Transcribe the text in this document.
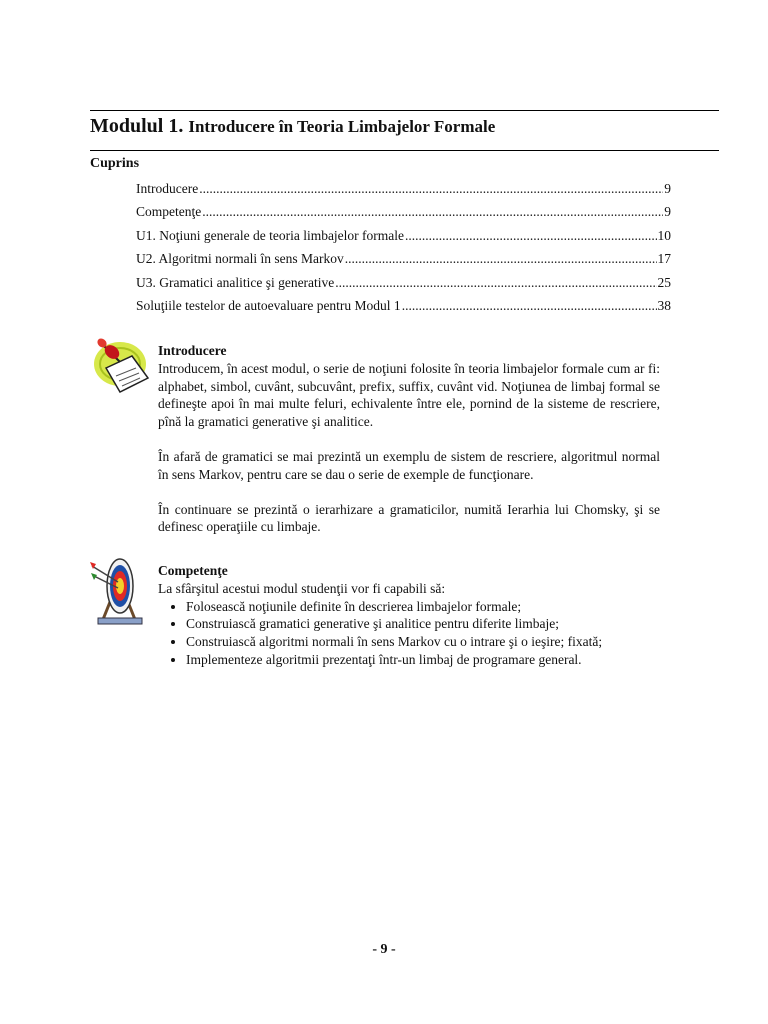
Modulul 1. Introducere în Teoria Limbajelor Formale
Cuprins
Introducere .....	9
Competenţe .....	9
U1. Noţiuni generale de teoria limbajelor formale .....	10
U2. Algoritmi normali în sens Markov .....	17
U3. Gramatici analitice şi generative .....	25
Soluţiile testelor de autoevaluare pentru Modul 1 .....	38
Introducere

Introducem, în acest modul, o serie de noţiuni folosite în teoria limbajelor formale cum ar fi: alphabet, simbol, cuvânt, subcuvânt, prefix, suffix, cuvânt vid. Noţiunea de limbaj formal se defineşte apoi în mai multe feluri, echivalente între ele, pornind de la sisteme de rescriere, pînă la gramatici generative şi analitice.

În afară de gramatici se mai prezintă un exemplu de sistem de rescriere, algoritmul normal în sens Markov, pentru care se dau o serie de exemple de funcţionare.

În continuare se prezintă o ierarhizare a gramaticilor, numită Ierarhia lui Chomsky, şi se definesc operaţiile cu limbaje.

Competenţe

La sfârşitul acestui modul studenţii vor fi capabili să:

• Folosească noţiunile definite în descrierea limbajelor formale;
• Construiască gramatici generative şi analitice pentru diferite limbaje;
• Construiască algoritmi normali în sens Markov cu o intrare şi o ieşire; fixată;
• Implementeze algoritmii prezentaţi într-un limbaj de programare general.
- 9 -
